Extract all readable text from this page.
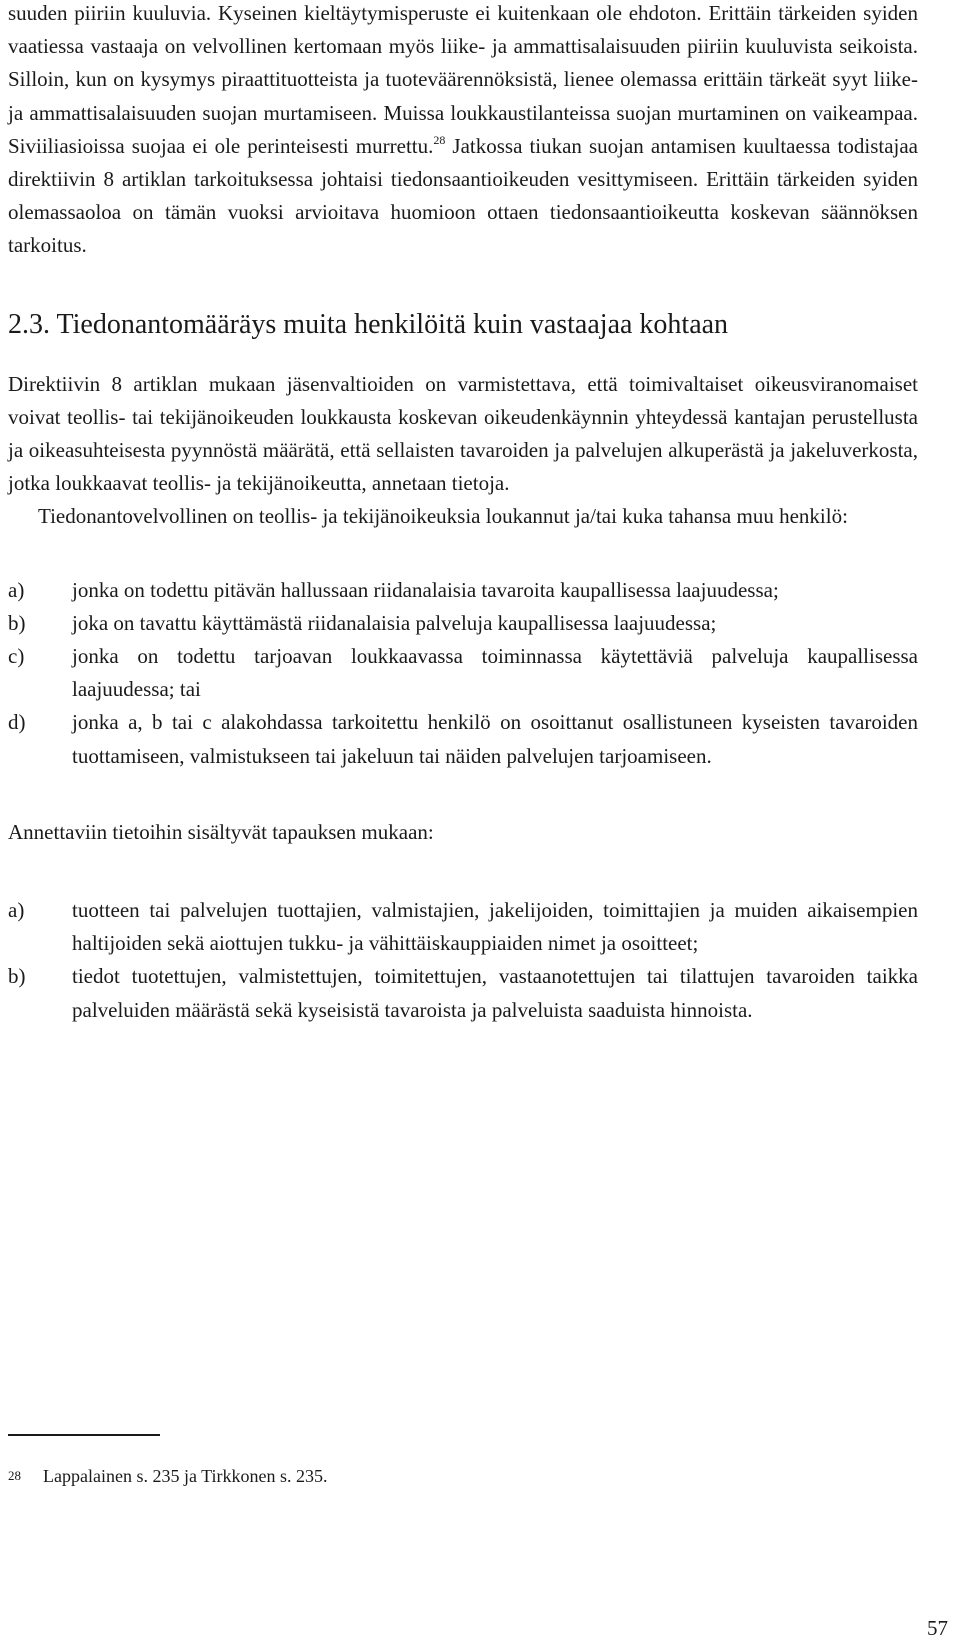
suuden piiriin kuuluvia. Kyseinen kieltäytymisperuste ei kuitenkaan ole ehdoton. Erittäin tärkeiden syiden vaatiessa vastaaja on velvollinen kertomaan myös liike- ja ammattisalaisuuden piiriin kuuluvista seikoista. Silloin, kun on kysymys piraattituotteista ja tuoteväärennöksistä, lienee olemassa erittäin tärkeät syyt liike- ja ammattisalaisuuden suojan murtamiseen. Muissa loukkaustilanteissa suojan murtaminen on vaikeampaa. Siviiliasioissa suojaa ei ole perinteisesti murrettu.$^{28}$ Jatkossa tiukan suojan antamisen kuultaessa todistajaa direktiivin 8 artiklan tarkoituksessa johtaisi tiedonsaantioikeuden vesittymiseen. Erittäin tärkeiden syiden olemassaoloa on tämän vuoksi arvioitava huomioon ottaen tiedonsaantioikeutta koskevan säännöksen tarkoitus.

2.3. Tiedonantomääräys muita henkilöitä kuin vastaajaa kohtaan

Direktiivin 8 artiklan mukaan jäsenvaltioiden on varmistettava, että toimivaltaiset oikeusviranomaiset voivat teollis- tai tekijänoikeuden loukkausta koskevan oikeudenkäynnin yhteydessä kantajan perustellusta ja oikeasuhteisesta pyynnöstä määrätä, että sellaisten tavaroiden ja palvelujen alkuperästä ja jakeluverkosta, jotka loukkaavat teollis- ja tekijänoikeutta, annetaan tietoja.

Tiedonantovelvollinen on teollis- ja tekijänoikeuksia loukannut ja/tai kuka tahansa muu henkilö:

a)	jonka on todettu pitävän hallussaan riidanalaisia tavaroita kaupallisessa laajuudessa;
b)	joka on tavattu käyttämästä riidanalaisia palveluja kaupallisessa laajuudessa;
c)	jonka on todettu tarjoavan loukkaavassa toiminnassa käytettäviä palveluja kaupallisessa laajuudessa; tai
d)	jonka a, b tai c alakohdassa tarkoitettu henkilö on osoittanut osallistuneen kyseisten tavaroiden tuottamiseen, valmistukseen tai jakeluun tai näiden palvelujen tarjoamiseen.

Annettaviin tietoihin sisältyvät tapauksen mukaan:

a)	tuotteen tai palvelujen tuottajien, valmistajien, jakelijoiden, toimittajien ja muiden aikaisempien haltijoiden sekä aiottujen tukku- ja vähittäiskauppiaiden nimet ja osoitteet;
b)	tiedot tuotettujen, valmistettujen, toimitettujen, vastaanotettujen tai tilattujen tavaroiden taikka palveluiden määrästä sekä kyseisistä tavaroista ja palveluista saaduista hinnoista.
28	Lappalainen s. 235 ja Tirkkonen s. 235.
57
